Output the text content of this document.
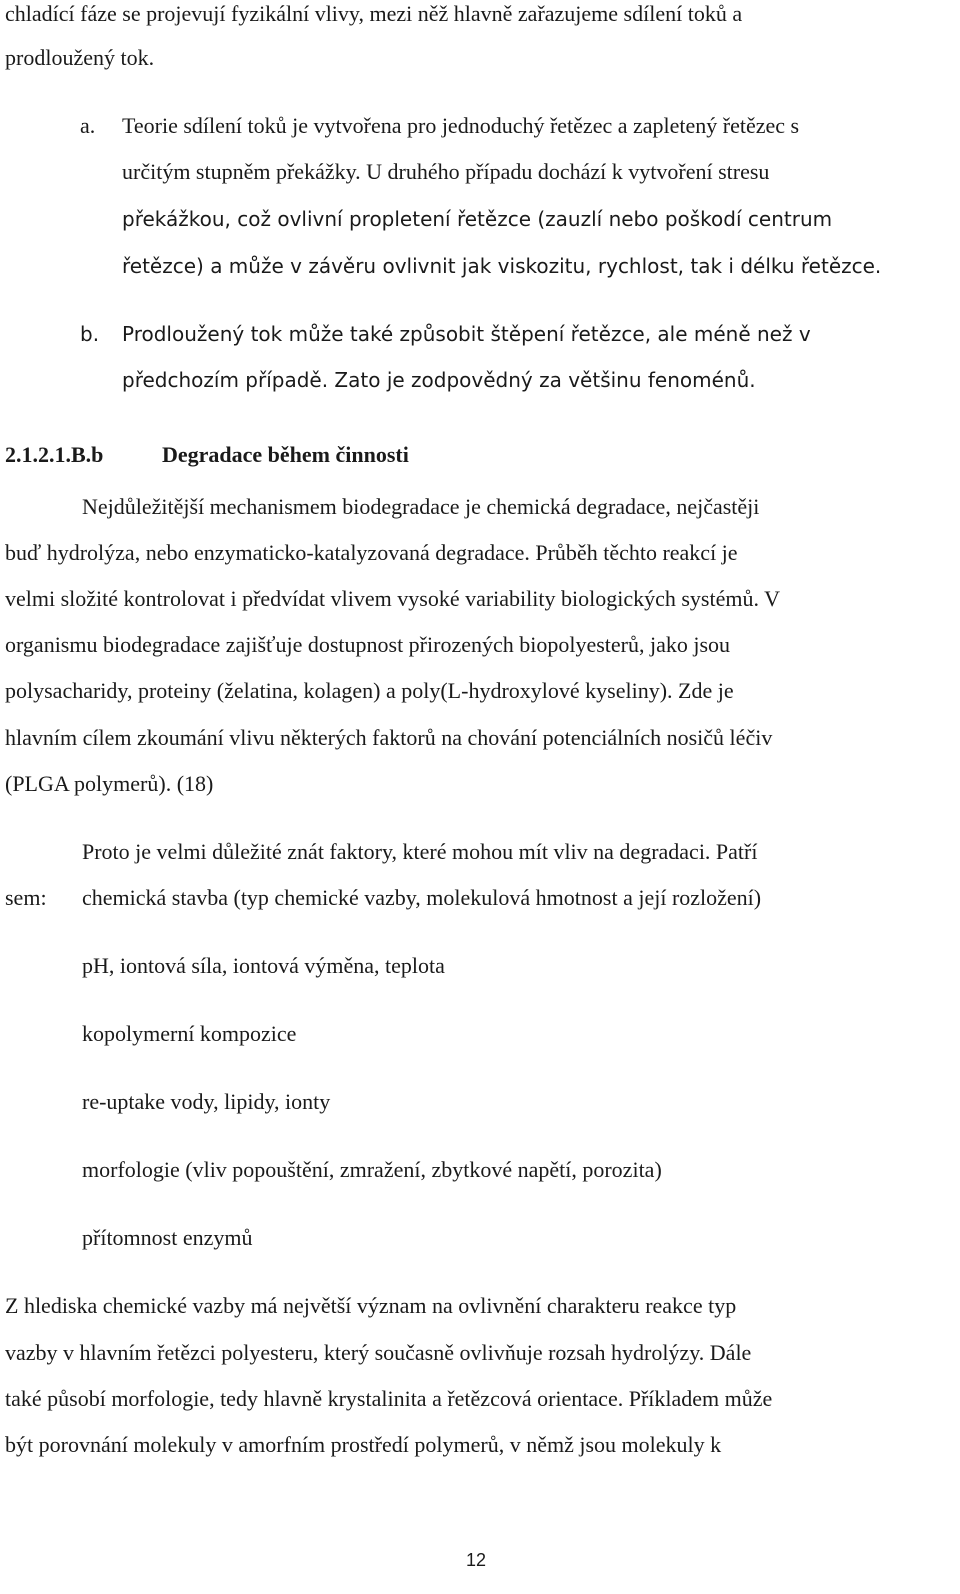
chladící fáze se projevují fyzikální vlivy, mezi něž hlavně zařazujeme sdílení toků a
prodloužený tok.
a. Teorie sdílení toků je vytvořena pro jednoduchý řetězec a zapletený řetězec s
určitým stupněm překážky. U druhého případu dochází k vytvoření stresu
překážkou, což ovlivní propletení řetězce (zauzlí nebo poškodí centrum
řetězce) a může v závěru ovlivnit jak viskozitu, rychlost, tak i délku řetězce.
b. Prodloužený tok může také způsobit štěpení řetězce, ale méně než v
předchozím případě. Zato je zodpovědný za většinu fenoménů.
2.1.2.1.B.b	Degradace během činnosti
Nejdůležitější mechanismem biodegradace je chemická degradace, nejčastěji
buď hydrolýza, nebo enzymaticko-katalyzovaná degradace. Průběh těchto reakcí je
velmi složité kontrolovat i předvídat vlivem vysoké variability biologických systémů. V
organismu biodegradace zajišťuje dostupnost přirozených biopolyesterů, jako jsou
polysacharidy, proteiny (želatina, kolagen) a poly(L-hydroxylové kyseliny). Zde je
hlavním cílem zkoumání vlivu některých faktorů na chování potenciálních nosičů léčiv
(PLGA polymerů). (18)
Proto je velmi důležité znát faktory, které mohou mít vliv na degradaci. Patří
sem: chemická stavba (typ chemické vazby, molekulová hmotnost a její rozložení)
pH, iontová síla, iontová výměna, teplota
kopolymerní kompozice
re-uptake vody, lipidy, ionty
morfologie (vliv popouštění, zmražení, zbytkové napětí, porozita)
přítomnost enzymů
Z hlediska chemické vazby má největší význam na ovlivnění charakteru reakce typ
vazby v hlavním řetězci polyesteru, který současně ovlivňuje rozsah hydrolýzy. Dále
také působí morfologie, tedy hlavně krystalinita a řetězcová orientace. Příkladem může
být porovnání molekuly v amorfním prostředí polymerů, v němž jsou molekuly k
12
